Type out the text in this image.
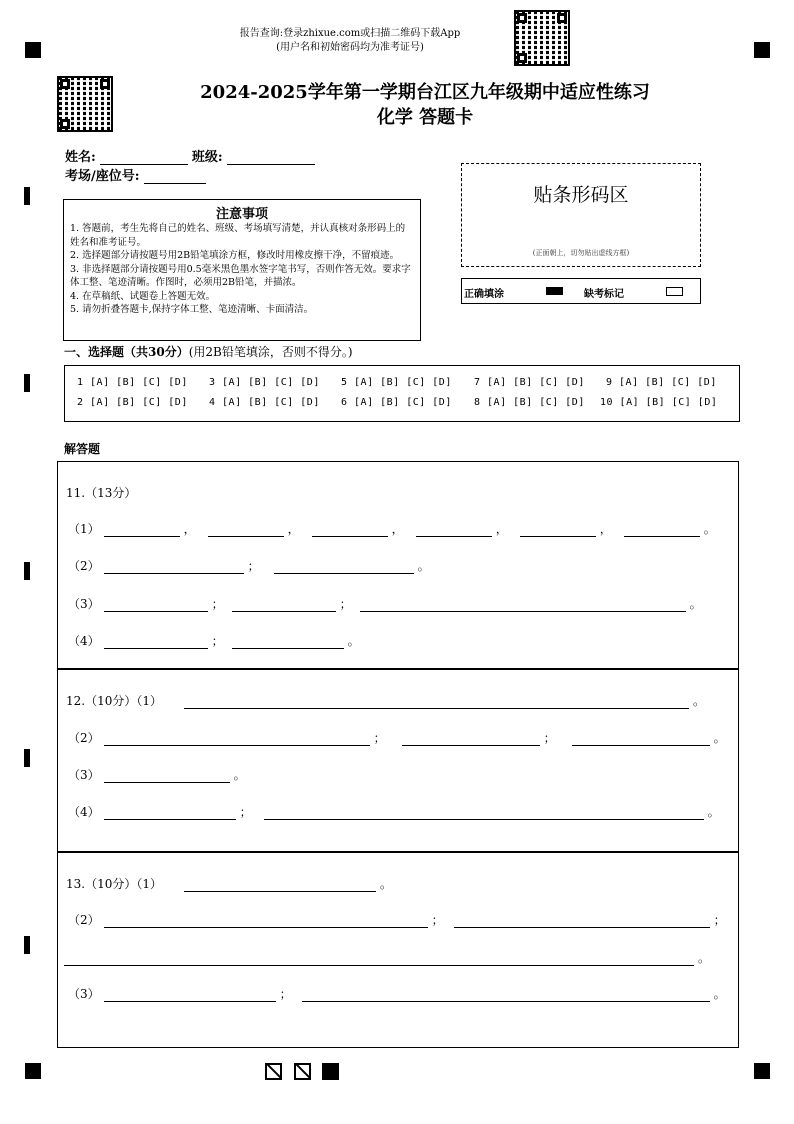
报告查询:登录zhixue.com或扫描二维码下载App
(用户名和初始密码均为准考证号)
2024-2025学年第一学期台江区九年级期中适应性练习
化学 答题卡
姓名:	班级:
考场/座位号:
注意事项
1. 答题前，考生先将自己的姓名、班级、考场填写清楚，并认真核对条形码上的姓名和准考证号。
2. 选择题部分请按题号用2B铅笔填涂方框，修改时用橡皮擦干净，不留痕迹。
3. 非选择题部分请按题号用0.5毫米黑色墨水签字笔书写，否则作答无效。要求字体工整、笔迹清晰。作图时，必须用2B铅笔，并描浓。
4. 在草稿纸、试题卷上答题无效。
5. 请勿折叠答题卡,保持字体工整、笔迹清晰、卡面清洁。
贴条形码区
(正面朝上，切勿贴出虚线方框)
正确填涂	缺考标记
一、选择题（共30分）(用2B铅笔填涂，否则不得分。)
1 [A] [B] [C] [D]
2 [A] [B] [C] [D]
3 [A] [B] [C] [D]
4 [A] [B] [C] [D]
5 [A] [B] [C] [D]
6 [A] [B] [C] [D]
7 [A] [B] [C] [D]
8 [A] [B] [C] [D]
9 [A] [B] [C] [D]
10 [A] [B] [C] [D]
解答题
11.（13分）
（1）	，	，	，	，	，	。
（2）	；	。
（3）	；	；	。
（4）	；	。
12.（10分）（1）	。
（2）	；	；	。
（3）	。
（4）	；	。
13.（10分）（1）	。
（2）	；	；
。
（3）	；	。
